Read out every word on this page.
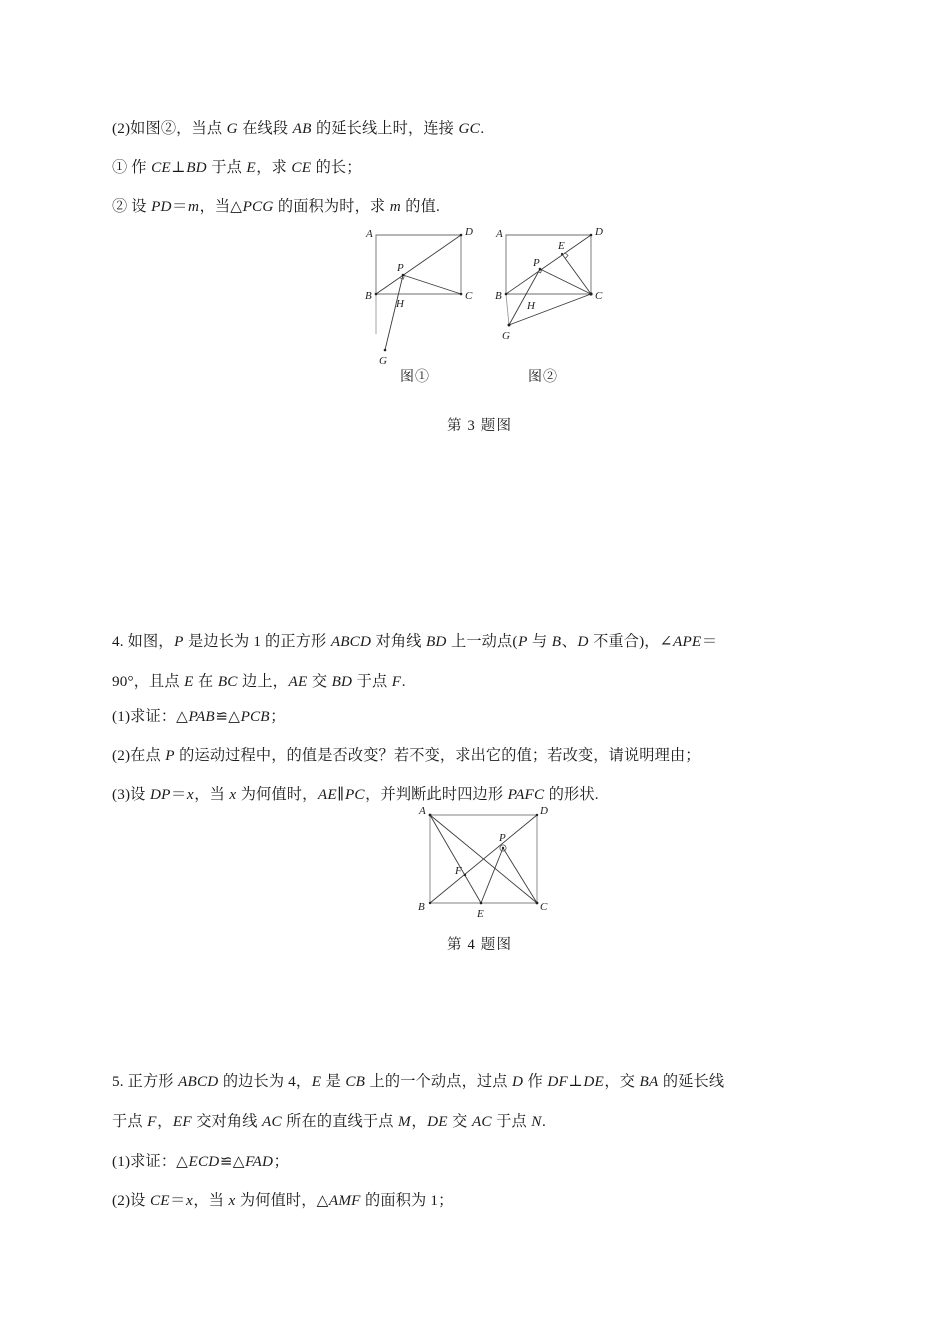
(2)如图②，当点 G 在线段 AB 的延长线上时，连接 GC.
① 作 CE⊥BD 于点 E，求 CE 的长；
② 设 PD＝m，当△PCG 的面积为时，求 m 的值.
A	D
B	C
P
H
G
A	D
B	C
P
E
H
G
图①	图②
第 3 题图
4. 如图，P 是边长为 1 的正方形 ABCD 对角线 BD 上一动点(P 与 B、D 不重合)，∠APE＝
90°，且点 E 在 BC 边上，AE 交 BD 于点 F.
(1)求证：△PAB≌△PCB；
(2)在点 P 的运动过程中，的值是否改变？若不变，求出它的值；若改变，请说明理由；
(3)设 DP＝x，当 x 为何值时，AE∥PC，并判断此时四边形 PAFC 的形状.
A	D
B	C
P
E
F
第 4 题图
5. 正方形 ABCD 的边长为 4，E 是 CB 上的一个动点，过点 D 作 DF⊥DE，交 BA 的延长线
于点 F，EF 交对角线 AC 所在的直线于点 M，DE 交 AC 于点 N.
(1)求证：△ECD≌△FAD；
(2)设 CE＝x，当 x 为何值时，△AMF 的面积为 1；
